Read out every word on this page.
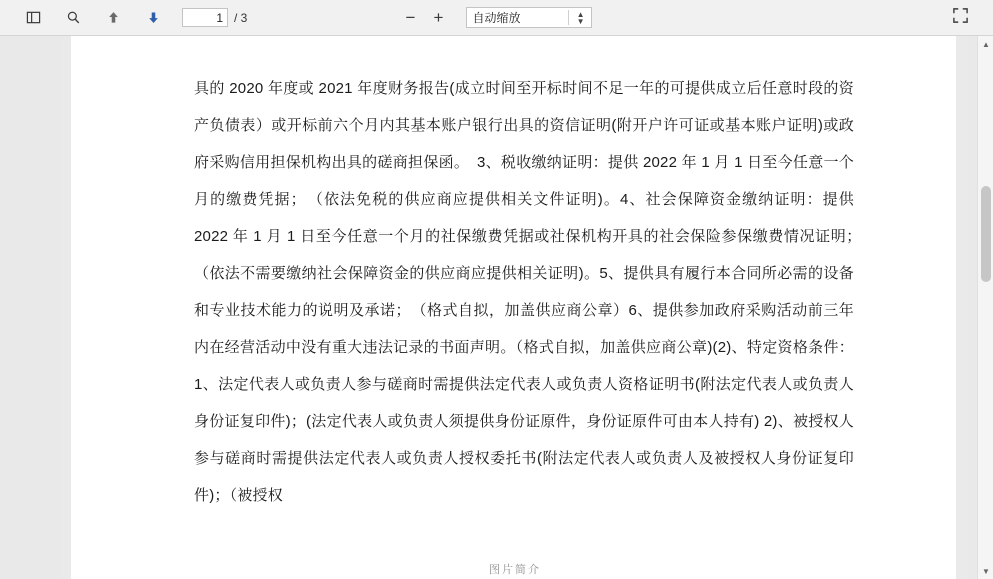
1
/ 3	− +	自动缩放	▲
▼
具的 2020 年度或 2021 年度财务报告(成立时间至开标时间不足一年的可提供成立后任意时段的资产负债表）或开标前六个月内其基本账户银行出具的资信证明(附开户许可证或基本账户证明)或政府采购信用担保机构出具的磋商担保函。　3、税收缴纳证明：提供 2022 年 1 月 1 日至今任意一个月的缴费凭据；　（依法免税的供应商应提供相关文件证明)。4、社会保障资金缴纳证明：提供 2022 年 1 月 1 日至今任意一个月的社保缴费凭据或社保机构开具的社会保险参保缴费情况证明；　（依法不需要缴纳社会保障资金的供应商应提供相关证明)。5、提供具有履行本合同所必需的设备和专业技术能力的说明及承诺；　（格式自拟，加盖供应商公章）6、提供参加政府采购活动前三年内在经营活动中没有重大违法记录的书面声明。（格式自拟，加盖供应商公章)(2)、特定资格条件：1、法定代表人或负责人参与磋商时需提供法定代表人或负责人资格证明书(附法定代表人或负责人身份证复印件)；(法定代表人或负责人须提供身份证原件，身份证原件可由本人持有) 2)、被授权人参与磋商时需提供法定代表人或负责人授权委托书(附法定代表人或负责人及被授权人身份证复印件)；（被授权
图片简介
▲
▼
